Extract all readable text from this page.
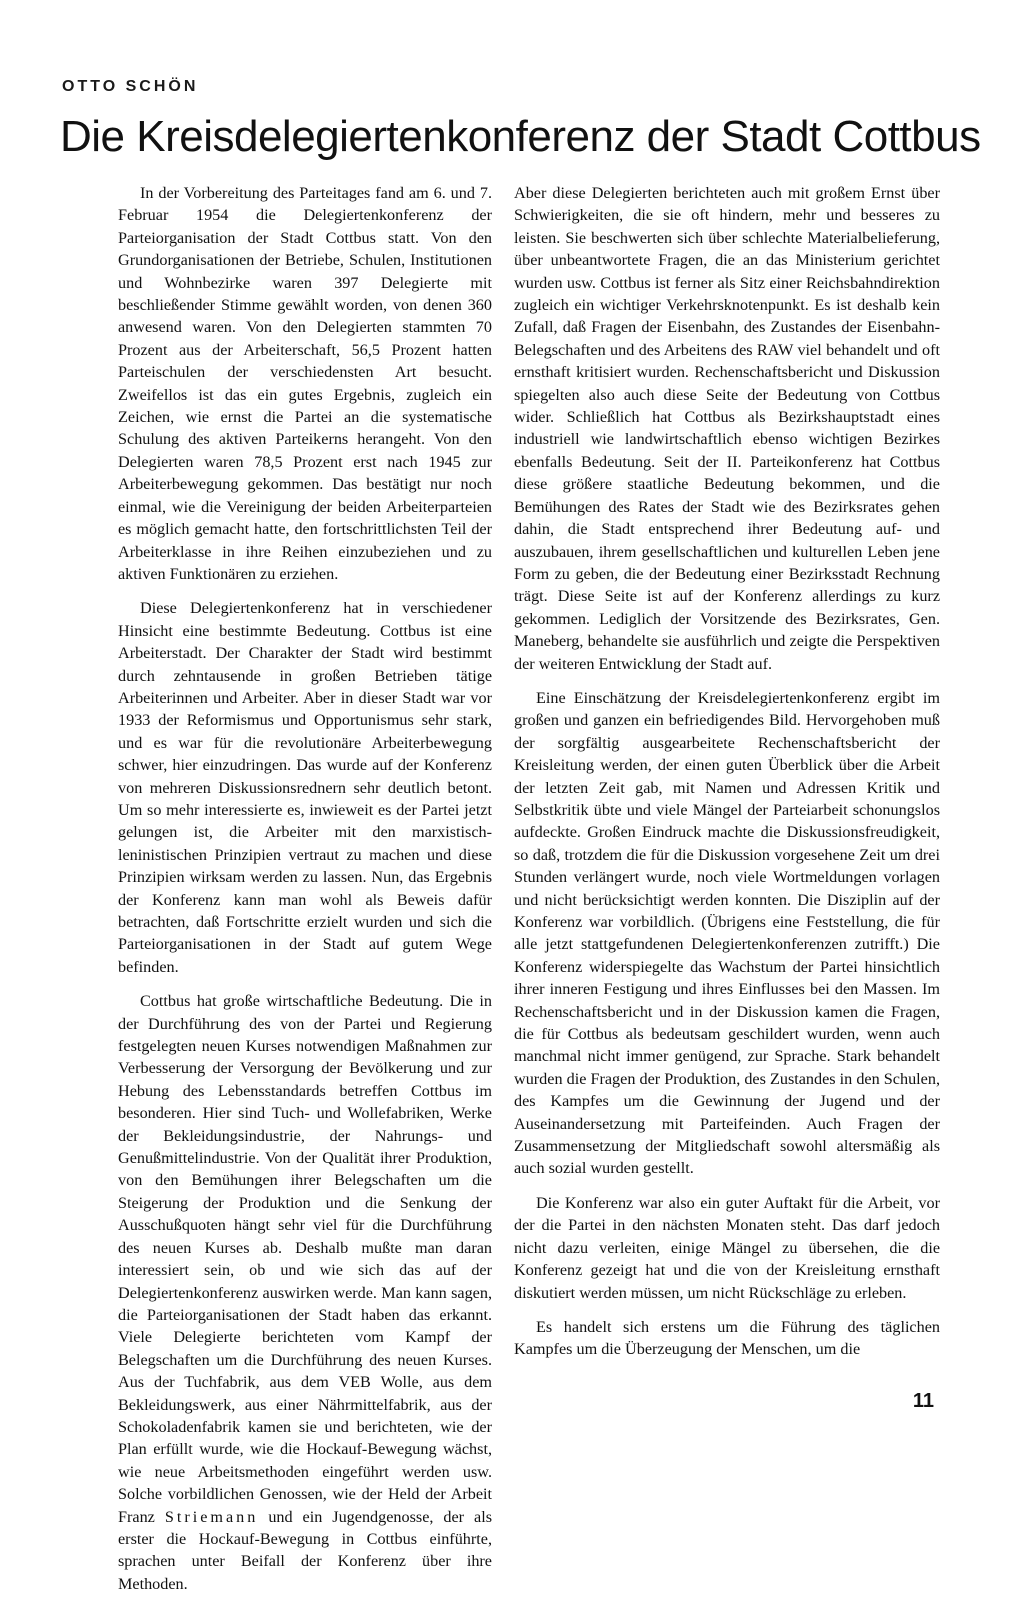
OTTO SCHÖN
Die Kreisdelegiertenkonferenz der Stadt Cottbus

In der Vorbereitung des Parteitages fand am 6. und 7. Februar 1954 die Delegiertenkonferenz der Parteiorganisation der Stadt Cottbus statt. Von den Grundorganisationen der Betriebe, Schulen, Institutionen und Wohnbezirke waren 397 Delegierte mit beschließender Stimme gewählt worden, von denen 360 anwesend waren. Von den Delegierten stammten 70 Prozent aus der Arbeiterschaft, 56,5 Prozent hatten Parteischulen der verschiedensten Art besucht. Zweifellos ist das ein gutes Ergebnis, zugleich ein Zeichen, wie ernst die Partei an die systematische Schulung des aktiven Parteikerns herangeht. Von den Delegierten waren 78,5 Prozent erst nach 1945 zur Arbeiterbewegung gekommen. Das bestätigt nur noch einmal, wie die Vereinigung der beiden Arbeiterparteien es möglich gemacht hatte, den fortschrittlichsten Teil der Arbeiterklasse in ihre Reihen einzubeziehen und zu aktiven Funktionären zu erziehen.

Diese Delegiertenkonferenz hat in verschiedener Hinsicht eine bestimmte Bedeutung. Cottbus ist eine Arbeiterstadt. Der Charakter der Stadt wird bestimmt durch zehntausende in großen Betrieben tätige Arbeiterinnen und Arbeiter. Aber in dieser Stadt war vor 1933 der Reformismus und Opportunismus sehr stark, und es war für die revolutionäre Arbeiterbewegung schwer, hier einzudringen. Das wurde auf der Konferenz von mehreren Diskussionsrednern sehr deutlich betont. Um so mehr interessierte es, inwieweit es der Partei jetzt gelungen ist, die Arbeiter mit den marxistisch-leninistischen Prinzipien vertraut zu machen und diese Prinzipien wirksam werden zu lassen. Nun, das Ergebnis der Konferenz kann man wohl als Beweis dafür betrachten, daß Fortschritte erzielt wurden und sich die Parteiorganisationen in der Stadt auf gutem Wege befinden.

Cottbus hat große wirtschaftliche Bedeutung. Die in der Durchführung des von der Partei und Regierung festgelegten neuen Kurses notwendigen Maßnahmen zur Verbesserung der Versorgung der Bevölkerung und zur Hebung des Lebensstandards betreffen Cottbus im besonderen. Hier sind Tuch- und Wollefabriken, Werke der Bekleidungsindustrie, der Nahrungs- und Genußmittelindustrie. Von der Qualität ihrer Produktion, von den Bemühungen ihrer Belegschaften um die Steigerung der Produktion und die Senkung der Ausschußquoten hängt sehr viel für die Durchführung des neuen Kurses ab. Deshalb mußte man daran interessiert sein, ob und wie sich das auf der Delegiertenkonferenz auswirken werde. Man kann sagen, die Parteiorganisationen der Stadt haben das erkannt. Viele Delegierte berichteten vom Kampf der Belegschaften um die Durchführung des neuen Kurses. Aus der Tuchfabrik, aus dem VEB Wolle, aus dem Bekleidungswerk, aus einer Nährmittelfabrik, aus der Schokoladenfabrik kamen sie und berichteten, wie der Plan erfüllt wurde, wie die Hockauf-Bewegung wächst, wie neue Arbeitsmethoden eingeführt werden usw. Solche vorbildlichen Genossen, wie der Held der Arbeit Franz Striemann und ein Jugendgenosse, der als erster die Hockauf-Bewegung in Cottbus einführte, sprachen unter Beifall der Konferenz über ihre Methoden.

Aber diese Delegierten berichteten auch mit großem Ernst über Schwierigkeiten, die sie oft hindern, mehr und besseres zu leisten. Sie beschwerten sich über schlechte Materialbelieferung, über unbeantwortete Fragen, die an das Ministerium gerichtet wurden usw. Cottbus ist ferner als Sitz einer Reichsbahndirektion zugleich ein wichtiger Verkehrsknotenpunkt. Es ist deshalb kein Zufall, daß Fragen der Eisenbahn, des Zustandes der Eisenbahn-Belegschaften und des Arbeitens des RAW viel behandelt und oft ernsthaft kritisiert wurden. Rechenschaftsbericht und Diskussion spiegelten also auch diese Seite der Bedeutung von Cottbus wider. Schließlich hat Cottbus als Bezirkshauptstadt eines industriell wie landwirtschaftlich ebenso wichtigen Bezirkes ebenfalls Bedeutung. Seit der II. Parteikonferenz hat Cottbus diese größere staatliche Bedeutung bekommen, und die Bemühungen des Rates der Stadt wie des Bezirksrates gehen dahin, die Stadt entsprechend ihrer Bedeutung auf- und auszubauen, ihrem gesellschaftlichen und kulturellen Leben jene Form zu geben, die der Bedeutung einer Bezirksstadt Rechnung trägt. Diese Seite ist auf der Konferenz allerdings zu kurz gekommen. Lediglich der Vorsitzende des Bezirksrates, Gen. Maneberg, behandelte sie ausführlich und zeigte die Perspektiven der weiteren Entwicklung der Stadt auf.

Eine Einschätzung der Kreisdelegiertenkonferenz ergibt im großen und ganzen ein befriedigendes Bild. Hervorgehoben muß der sorgfältig ausgearbeitete Rechenschaftsbericht der Kreisleitung werden, der einen guten Überblick über die Arbeit der letzten Zeit gab, mit Namen und Adressen Kritik und Selbstkritik übte und viele Mängel der Parteiarbeit schonungslos aufdeckte. Großen Eindruck machte die Diskussionsfreudigkeit, so daß, trotzdem die für die Diskussion vorgesehene Zeit um drei Stunden verlängert wurde, noch viele Wortmeldungen vorlagen und nicht berücksichtigt werden konnten. Die Disziplin auf der Konferenz war vorbildlich. (Übrigens eine Feststellung, die für alle jetzt stattgefundenen Delegiertenkonferenzen zutrifft.) Die Konferenz widerspiegelte das Wachstum der Partei hinsichtlich ihrer inneren Festigung und ihres Einflusses bei den Massen. Im Rechenschaftsbericht und in der Diskussion kamen die Fragen, die für Cottbus als bedeutsam geschildert wurden, wenn auch manchmal nicht immer genügend, zur Sprache. Stark behandelt wurden die Fragen der Produktion, des Zustandes in den Schulen, des Kampfes um die Gewinnung der Jugend und der Auseinandersetzung mit Parteifeinden. Auch Fragen der Zusammensetzung der Mitgliedschaft sowohl altersmäßig als auch sozial wurden gestellt.

Die Konferenz war also ein guter Auftakt für die Arbeit, vor der die Partei in den nächsten Monaten steht. Das darf jedoch nicht dazu verleiten, einige Mängel zu übersehen, die die Konferenz gezeigt hat und die von der Kreisleitung ernsthaft diskutiert werden müssen, um nicht Rückschläge zu erleben.

Es handelt sich erstens um die Führung des täglichen Kampfes um die Überzeugung der Menschen, um die

11
